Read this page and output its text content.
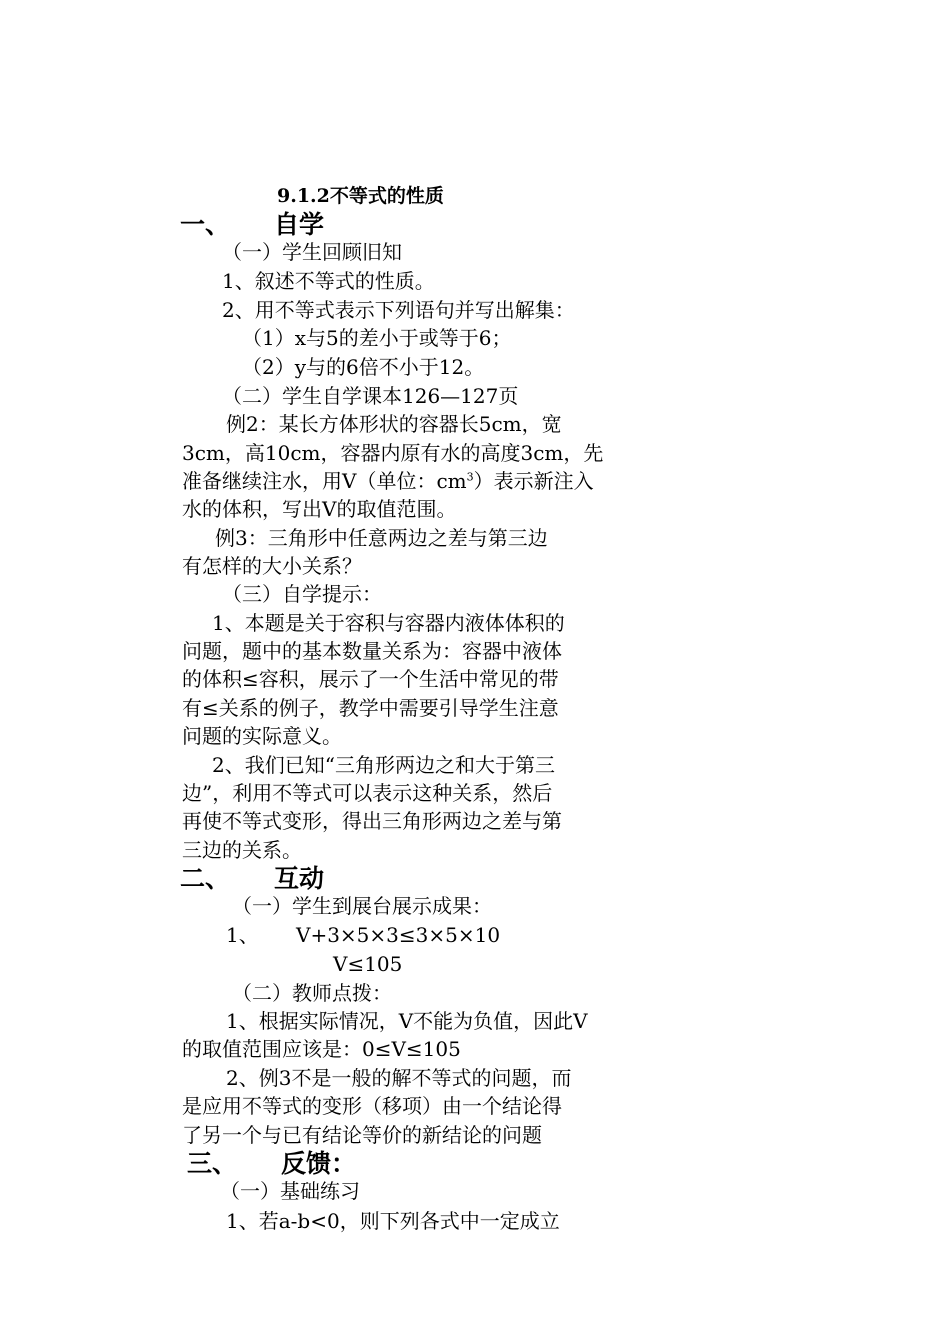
9.1.2不等式的性质
一、 自学
（一）学生回顾旧知
1、叙述不等式的性质。
2、用不等式表示下列语句并写出解集：
（1）x与5的差小于或等于6；
（2）y与的6倍不小于12。
（二）学生自学课本126—127页
例2：某长方体形状的容器长5cm，宽
3cm，高10cm，容器内原有水的高度3cm，先
准备继续注水，用V（单位：$cm^3$）表示新注入
水的体积，写出V的取值范围。
例3：三角形中任意两边之差与第三边
有怎样的大小关系？
（三）自学提示：
1、本题是关于容积与容器内液体体积的
问题，题中的基本数量关系为：容器中液体
的体积≤容积，展示了一个生活中常见的带
有≤关系的例子，教学中需要引导学生注意
问题的实际意义。
2、我们已知“三角形两边之和大于第三
边”，利用不等式可以表示这种关系，然后
再使不等式变形，得出三角形两边之差与第
三边的关系。
二、 互动
（一）学生到展台展示成果：
1、 V+3×5×3≤3×5×10
V≤105
（二）教师点拨：
1、根据实际情况，V不能为负值，因此V
的取值范围应该是：0≤V≤105
2、例3不是一般的解不等式的问题，而
是应用不等式的变形（移项）由一个结论得
了另一个与已有结论等价的新结论的问题
三、 反馈：
（一）基础练习
1、若a-b<0，则下列各式中一定成立
